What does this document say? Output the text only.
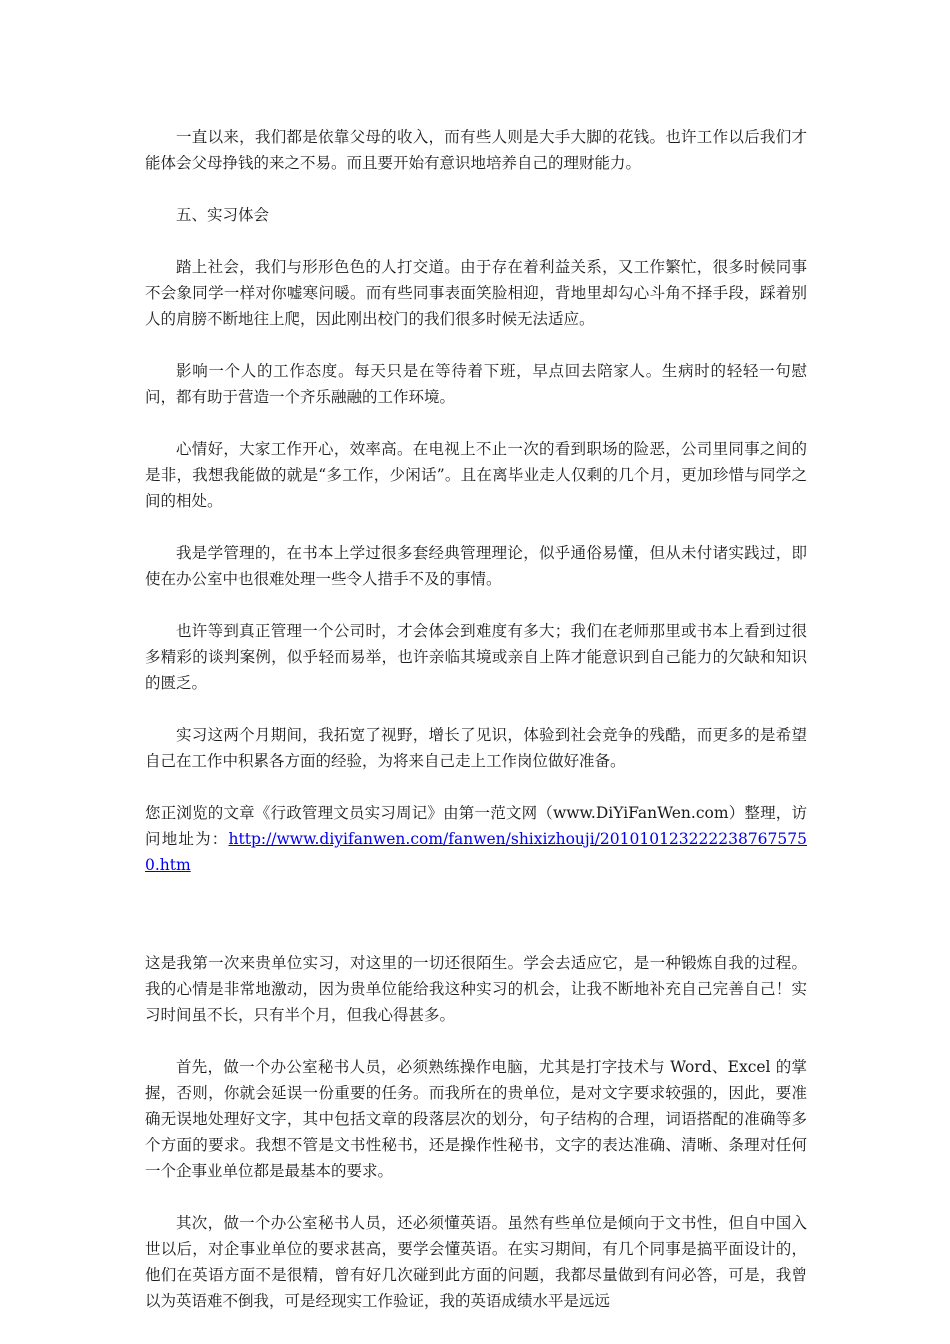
一直以来，我们都是依靠父母的收入，而有些人则是大手大脚的花钱。也许工作以后我们才能体会父母挣钱的来之不易。而且要开始有意识地培养自己的理财能力。

五、实习体会

踏上社会，我们与形形色色的人打交道。由于存在着利益关系，又工作繁忙，很多时候同事不会象同学一样对你嘘寒问暖。而有些同事表面笑脸相迎，背地里却勾心斗角不择手段，踩着别人的肩膀不断地往上爬，因此刚出校门的我们很多时候无法适应。

影响一个人的工作态度。每天只是在等待着下班，早点回去陪家人。生病时的轻轻一句慰问，都有助于营造一个齐乐融融的工作环境。

心情好，大家工作开心，效率高。在电视上不止一次的看到职场的险恶，公司里同事之间的是非，我想我能做的就是“多工作，少闲话”。且在离毕业走人仅剩的几个月，更加珍惜与同学之间的相处。

我是学管理的，在书本上学过很多套经典管理理论，似乎通俗易懂，但从未付诸实践过，即使在办公室中也很难处理一些令人措手不及的事情。

也许等到真正管理一个公司时，才会体会到难度有多大；我们在老师那里或书本上看到过很多精彩的谈判案例，似乎轻而易举，也许亲临其境或亲自上阵才能意识到自己能力的欠缺和知识的匮乏。

实习这两个月期间，我拓宽了视野，增长了见识，体验到社会竞争的残酷，而更多的是希望自己在工作中积累各方面的经验，为将来自己走上工作岗位做好准备。

您正浏览的文章《行政管理文员实习周记》由第一范文网（www.DiYiFanWen.com）整理，访问地址为：http://www.diyifanwen.com/fanwen/shixizhouji/2010101232222387675750.htm

这是我第一次来贵单位实习，对这里的一切还很陌生。学会去适应它，是一种锻炼自我的过程。我的心情是非常地激动，因为贵单位能给我这种实习的机会，让我不断地补充自己完善自己！实习时间虽不长，只有半个月，但我心得甚多。

首先，做一个办公室秘书人员，必须熟练操作电脑，尤其是打字技术与 Word、Excel 的掌握，否则，你就会延误一份重要的任务。而我所在的贵单位，是对文字要求较强的，因此，要准确无误地处理好文字，其中包括文章的段落层次的划分，句子结构的合理，词语搭配的准确等多个方面的要求。我想不管是文书性秘书，还是操作性秘书，文字的表达准确、清晰、条理对任何一个企事业单位都是最基本的要求。

其次，做一个办公室秘书人员，还必须懂英语。虽然有些单位是倾向于文书性，但自中国入世以后，对企事业单位的要求甚高，要学会懂英语。在实习期间，有几个同事是搞平面设计的，他们在英语方面不是很精，曾有好几次碰到此方面的问题，我都尽量做到有问必答，可是，我曾以为英语难不倒我，可是经现实工作验证，我的英语成绩水平是远远
